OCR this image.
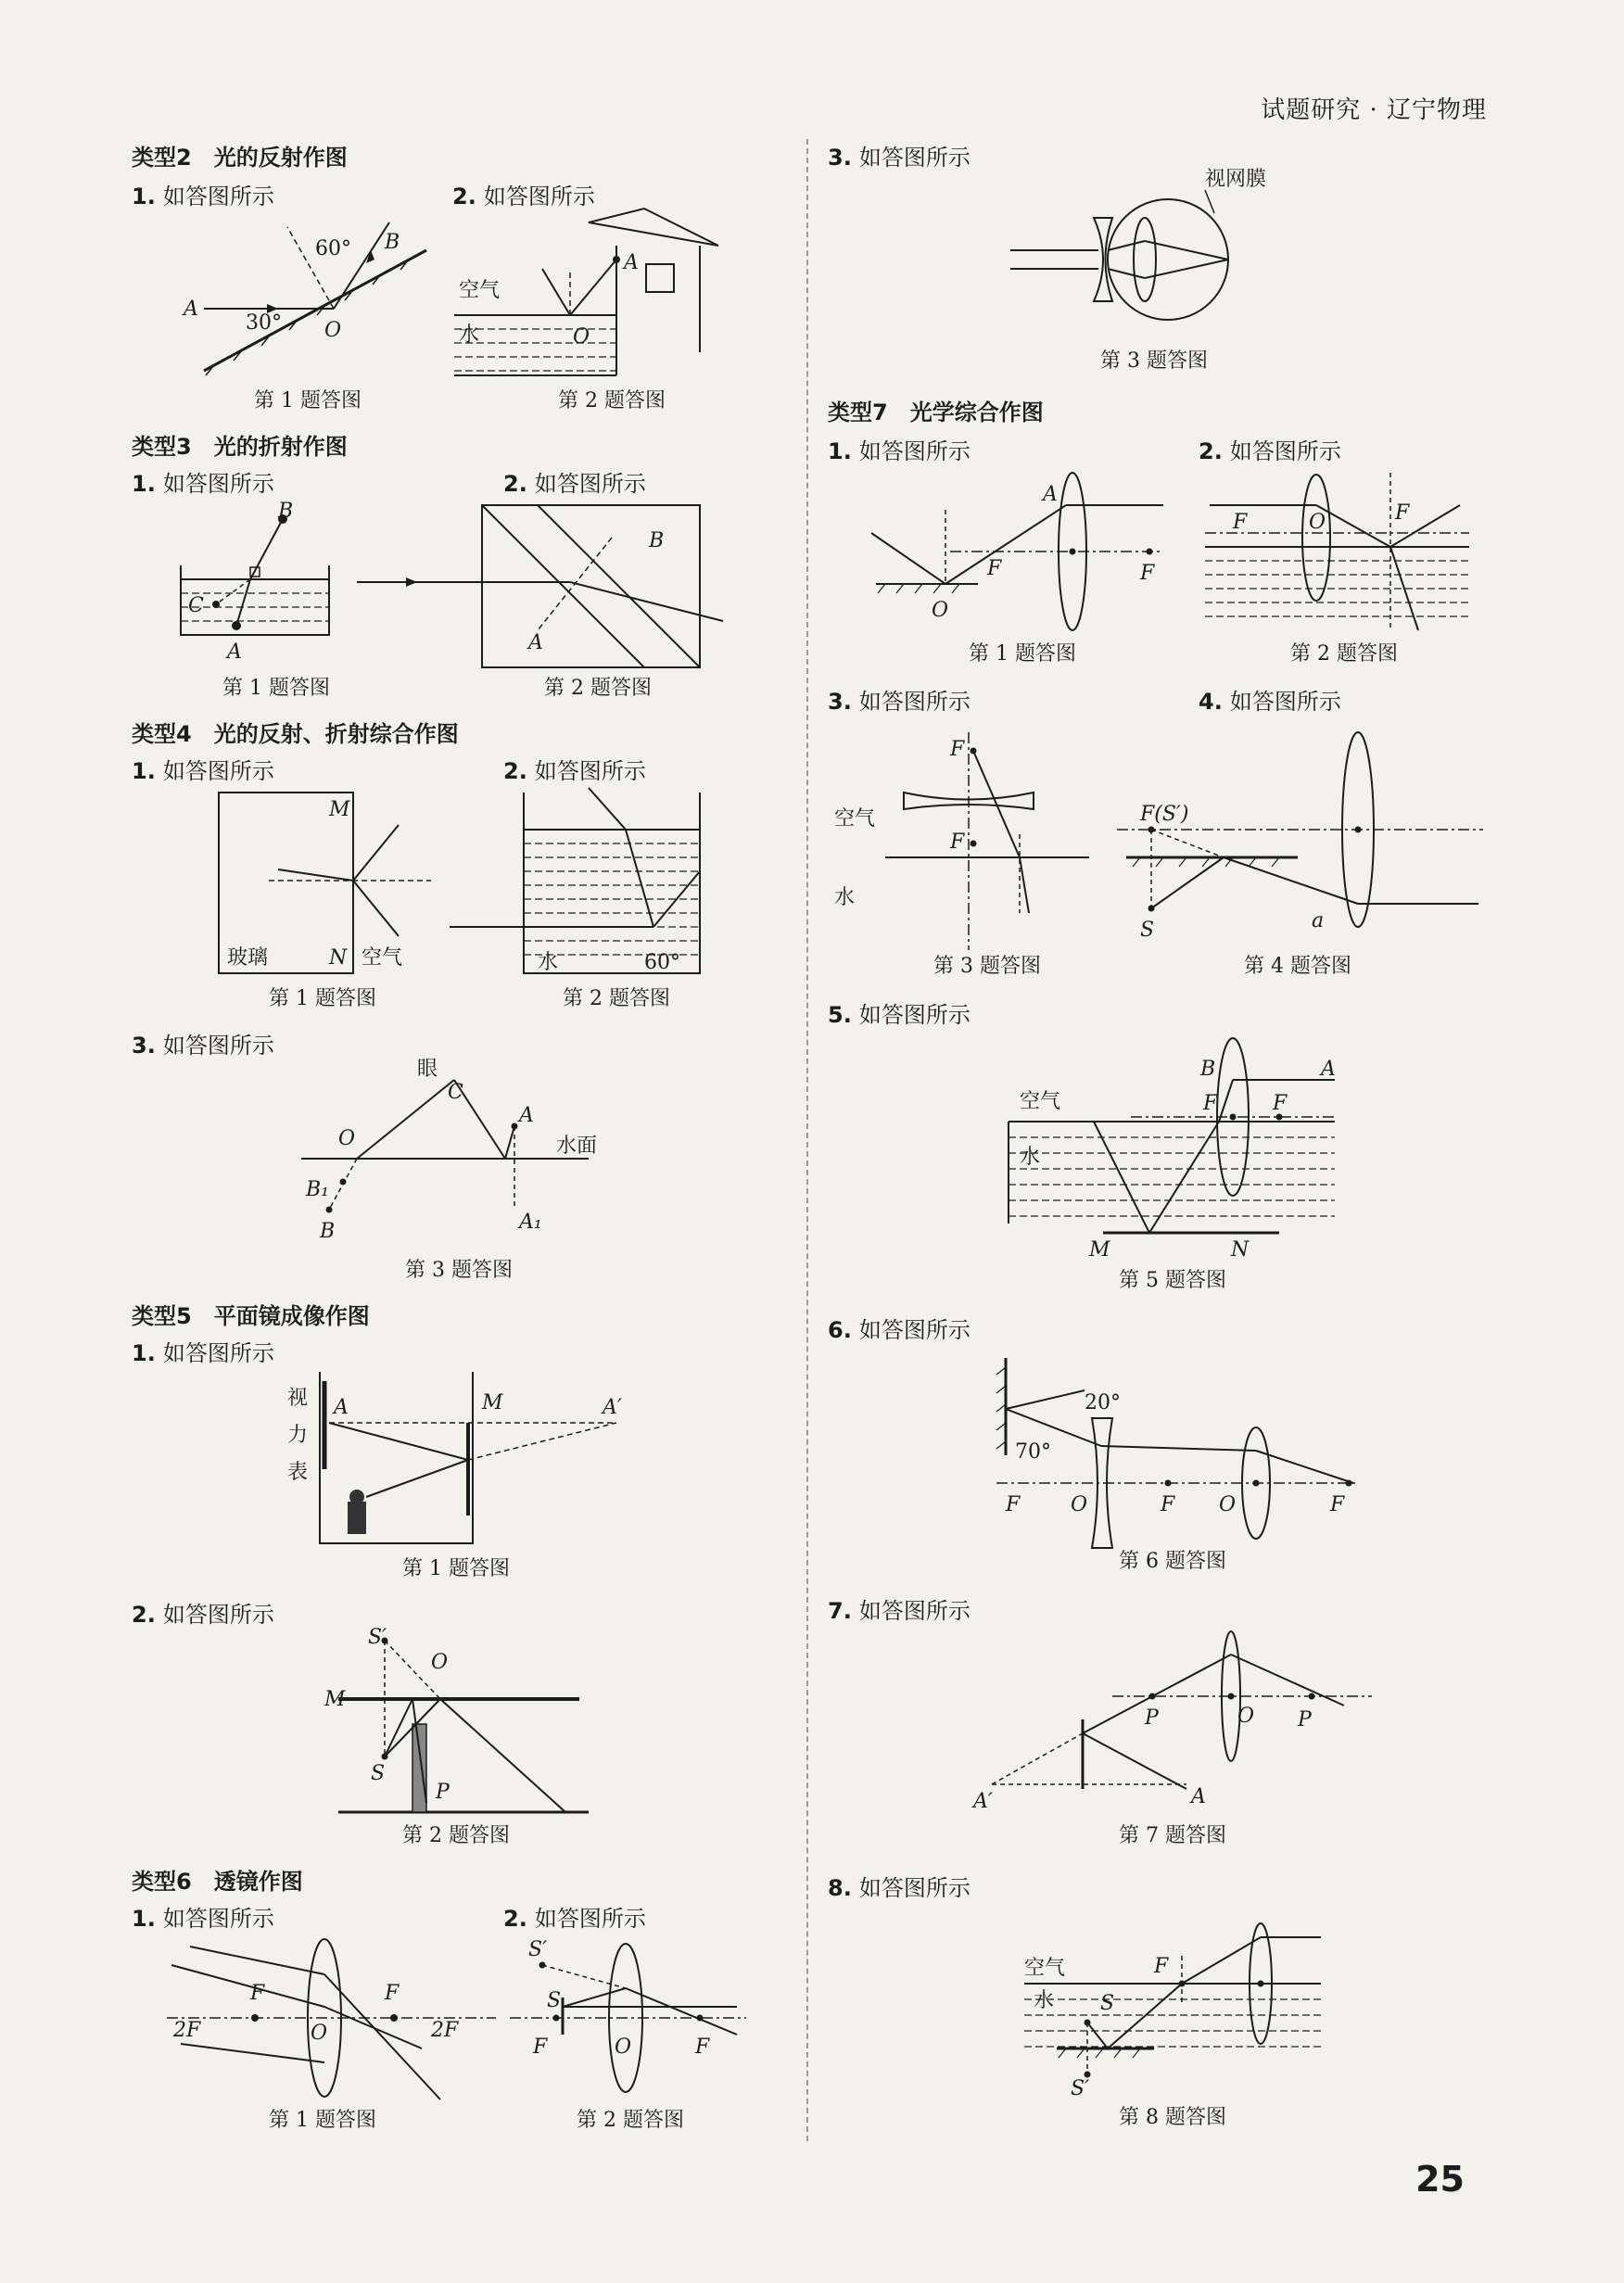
试题研究 · 辽宁物理
类型2　光的反射作图
1. 如答图所示	2. 如答图所示
A
B
O
60°
30°
第 1 题答图
空气
水
A
O
第 2 题答图
类型3　光的折射作图
1. 如答图所示	2. 如答图所示
B
C
A
第 1 题答图
B
A
第 2 题答图
类型4　光的反射、折射综合作图
1. 如答图所示	2. 如答图所示
M
N
玻璃	空气
第 1 题答图
水	60°
第 2 题答图
3. 如答图所示
眼
C
A
A₁
O
B₁
B
水面
第 3 题答图
类型5　平面镜成像作图
1. 如答图所示
视
力
表
A	M	A′
第 1 题答图
2. 如答图所示
S′
O
M
S
P
第 2 题答图
类型6　透镜作图
1. 如答图所示	2. 如答图所示
F	F
2F	2F
O
第 1 题答图
S′
S
F	F
O
第 2 题答图
3. 如答图所示
视网膜
第 3 题答图
类型7　光学综合作图
1. 如答图所示	2. 如答图所示
A
F	F
O
第 1 题答图
F	F
O
第 2 题答图
3. 如答图所示	4. 如答图所示
F
F
空气
水
第 3 题答图
F(S′)
S	a
第 4 题答图
5. 如答图所示
空气
水
A
B
F	F
M	N
第 5 题答图
6. 如答图所示
20°
70°
F O	F O	F
第 6 题答图
7. 如答图所示
P	O P
A
A′
第 7 题答图
8. 如答图所示
空气
水
F
S
S′
第 8 题答图
25
